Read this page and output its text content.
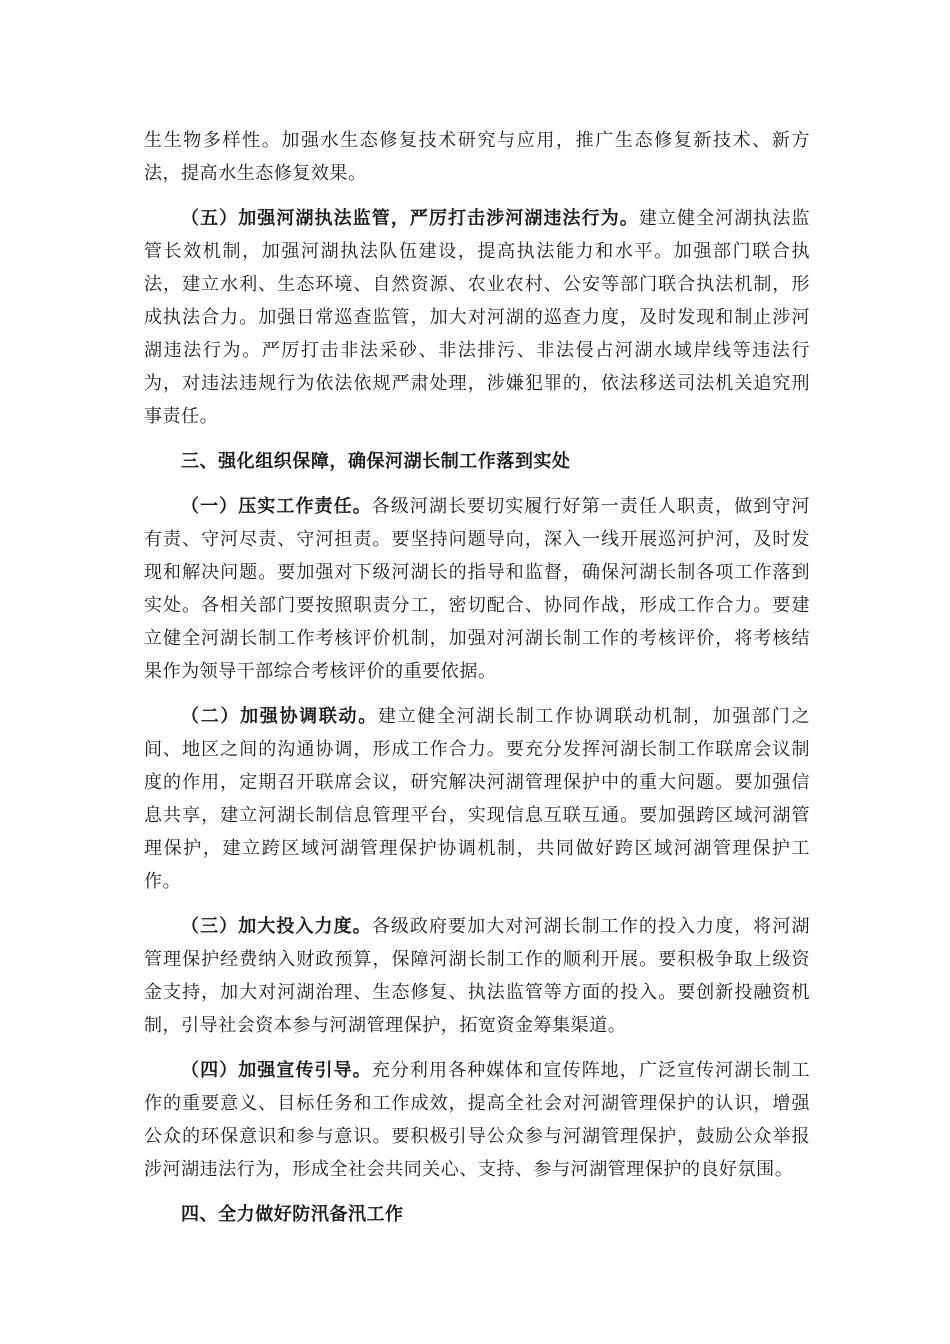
生生物多样性。加强水生态修复技术研究与应用，推广生态修复新技术、新方法，提高水生态修复效果。

（五）加强河湖执法监管，严厉打击涉河湖违法行为。建立健全河湖执法监管长效机制，加强河湖执法队伍建设，提高执法能力和水平。加强部门联合执法，建立水利、生态环境、自然资源、农业农村、公安等部门联合执法机制，形成执法合力。加强日常巡查监管，加大对河湖的巡查力度，及时发现和制止涉河湖违法行为。严厉打击非法采砂、非法排污、非法侵占河湖水域岸线等违法行为，对违法违规行为依法依规严肃处理，涉嫌犯罪的，依法移送司法机关追究刑事责任。

三、强化组织保障，确保河湖长制工作落到实处

（一）压实工作责任。各级河湖长要切实履行好第一责任人职责，做到守河有责、守河尽责、守河担责。要坚持问题导向，深入一线开展巡河护河，及时发现和解决问题。要加强对下级河湖长的指导和监督，确保河湖长制各项工作落到实处。各相关部门要按照职责分工，密切配合、协同作战，形成工作合力。要建立健全河湖长制工作考核评价机制，加强对河湖长制工作的考核评价，将考核结果作为领导干部综合考核评价的重要依据。

（二）加强协调联动。建立健全河湖长制工作协调联动机制，加强部门之间、地区之间的沟通协调，形成工作合力。要充分发挥河湖长制工作联席会议制度的作用，定期召开联席会议，研究解决河湖管理保护中的重大问题。要加强信息共享，建立河湖长制信息管理平台，实现信息互联互通。要加强跨区域河湖管理保护，建立跨区域河湖管理保护协调机制，共同做好跨区域河湖管理保护工作。

（三）加大投入力度。各级政府要加大对河湖长制工作的投入力度，将河湖管理保护经费纳入财政预算，保障河湖长制工作的顺利开展。要积极争取上级资金支持，加大对河湖治理、生态修复、执法监管等方面的投入。要创新投融资机制，引导社会资本参与河湖管理保护，拓宽资金筹集渠道。

（四）加强宣传引导。充分利用各种媒体和宣传阵地，广泛宣传河湖长制工作的重要意义、目标任务和工作成效，提高全社会对河湖管理保护的认识，增强公众的环保意识和参与意识。要积极引导公众参与河湖管理保护，鼓励公众举报涉河湖违法行为，形成全社会共同关心、支持、参与河湖管理保护的良好氛围。

四、全力做好防汛备汛工作
